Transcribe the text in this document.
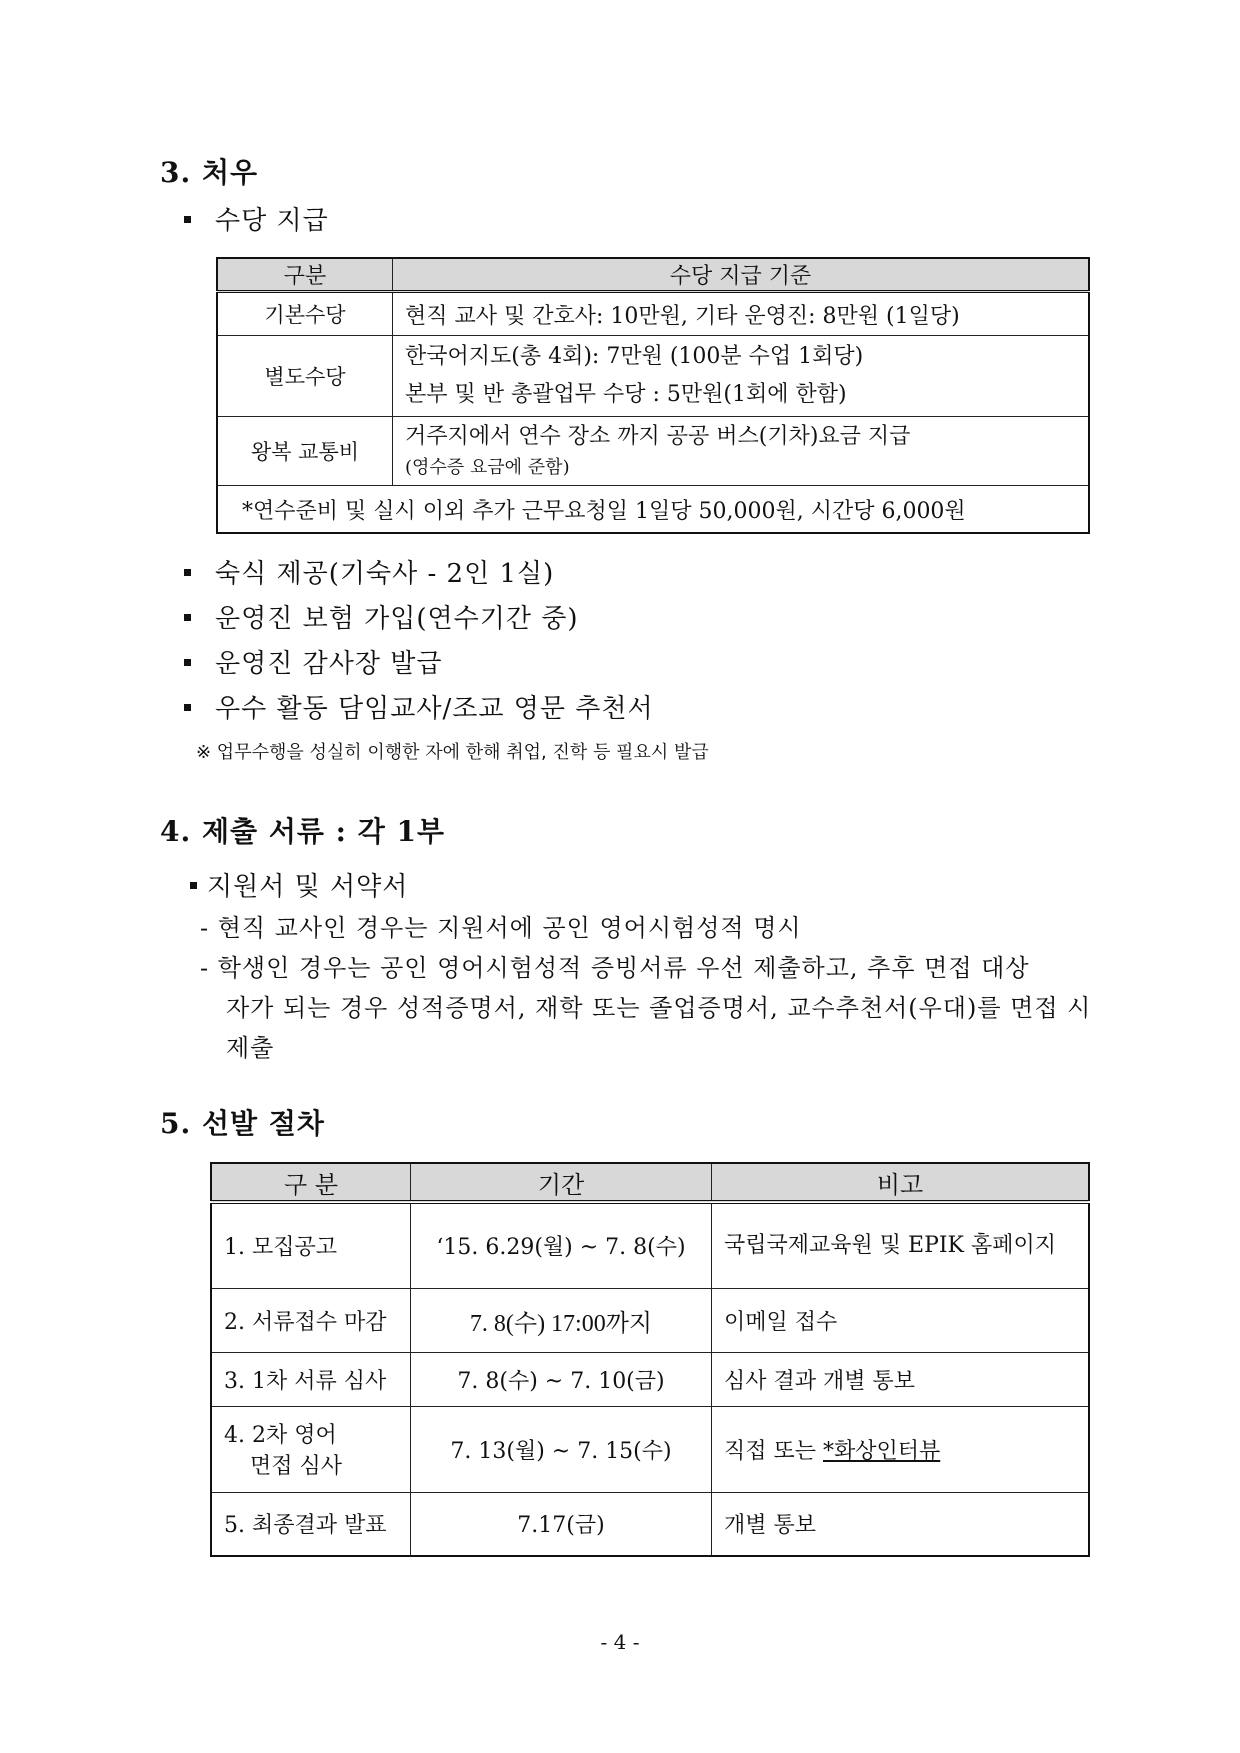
3. 처우
수당 지급
구분	수당 지급 기준
기본수당	현직 교사 및 간호사: 10만원, 기타 운영진: 8만원 (1일당)
별도수당	한국어지도(총 4회): 7만원 (100분 수업 1회당)
본부 및 반 총괄업무 수당 : 5만원(1회에 한함)

왕복 교통비	거주지에서 연수 장소 까지 공공 버스(기차)요금 지급
(영수증 요금에 준함)

*연수준비 및 실시 이외 추가 근무요청일 1일당 50,000원, 시간당 6,000원	
숙식 제공(기숙사 - 2인 1실)
운영진 보험 가입(연수기간 중)
운영진 감사장 발급
우수 활동 담임교사/조교 영문 추천서
※ 업무수행을 성실히 이행한 자에 한해 취업, 진학 등 필요시 발급
4. 제출 서류 : 각 1부
지원서 및 서약서
- 현직 교사인 경우는 지원서에 공인 영어시험성적 명시
- 학생인 경우는 공인 영어시험성적 증빙서류 우선 제출하고, 추후 면접 대상
자가 되는 경우 성적증명서, 재학 또는 졸업증명서, 교수추천서(우대)를 면접 시
제출
5. 선발 절차
구 분	기간	비고
1. 모집공고	‘15. 6.29(월) ~ 7. 8(수)	국립국제교육원 및 EPIK 홈페이지
2. 서류접수 마감	7. 8(수) 17:00까지	이메일 접수
3. 1차 서류 심사	7. 8(수) ~ 7. 10(금)	심사 결과 개별 통보

4. 2차 영어
면접 심사	7. 13(월) ~ 7. 15(수)	직접 또는 *화상인터뷰
5. 최종결과 발표	7.17(금)	개별 통보
- 4 -
